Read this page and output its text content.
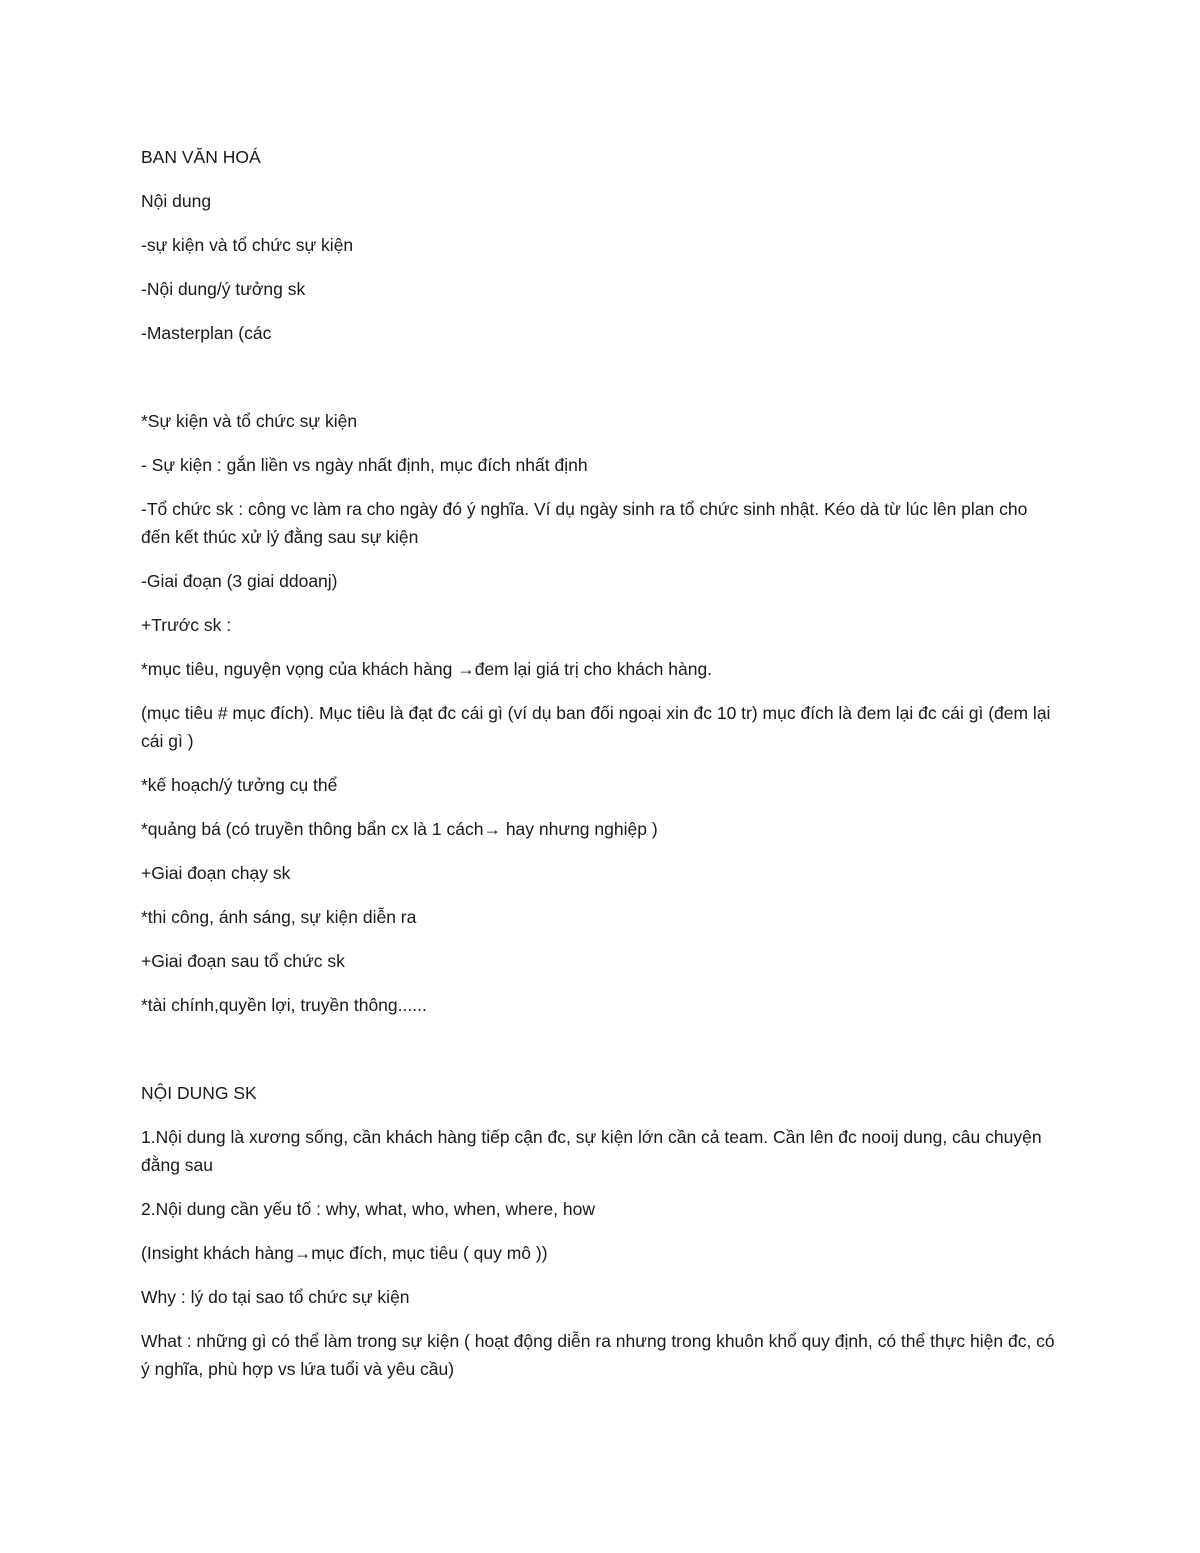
BAN VĂN HOÁ
Nội dung
-sự kiện và tổ chức sự kiện
-Nội dung/ý tưởng sk
-Masterplan (các
*Sự kiện và tổ chức sự kiện
- Sự kiện : gắn liền vs ngày nhất định, mục đích nhất định
-Tổ chức sk : công vc làm ra cho ngày đó ý nghĩa. Ví dụ ngày sinh ra tổ chức sinh nhật. Kéo dà từ lúc lên plan cho đến kết thúc xử lý đằng sau sự kiện
-Giai đoạn (3 giai ddoanj)
+Trước sk :
*mục tiêu, nguyện vọng của khách hàng →đem lại giá trị cho khách hàng.
(mục tiêu # mục đích). Mục tiêu là đạt đc cái gì (ví dụ ban đối ngoại xin đc 10 tr) mục đích là đem lại đc cái gì (đem lại cái gì )
*kế hoạch/ý tưởng cụ thể
*quảng bá (có truyền thông bẩn cx là 1 cách→ hay nhưng nghiệp )
+Giai đoạn chạy sk
*thi công, ánh sáng, sự kiện diễn ra
+Giai đoạn sau tổ chức sk
*tài chính,quyền lợi, truyền thông......
NỘI DUNG SK
1.Nội dung là xương sống, cần khách hàng tiếp cận đc, sự kiện lớn cần cả team. Cần lên đc nooij dung, câu chuyện đằng sau
2.Nội dung cần yếu tố : why, what, who, when, where, how
(Insight khách hàng→mục đích, mục tiêu ( quy mô ))
Why : lý do tại sao tổ chức sự kiện
What : những gì có thể làm trong sự kiện ( hoạt động diễn ra nhưng trong khuôn khổ quy định, có thể thực hiện đc, có ý nghĩa, phù hợp vs lứa tuổi và yêu cầu)
